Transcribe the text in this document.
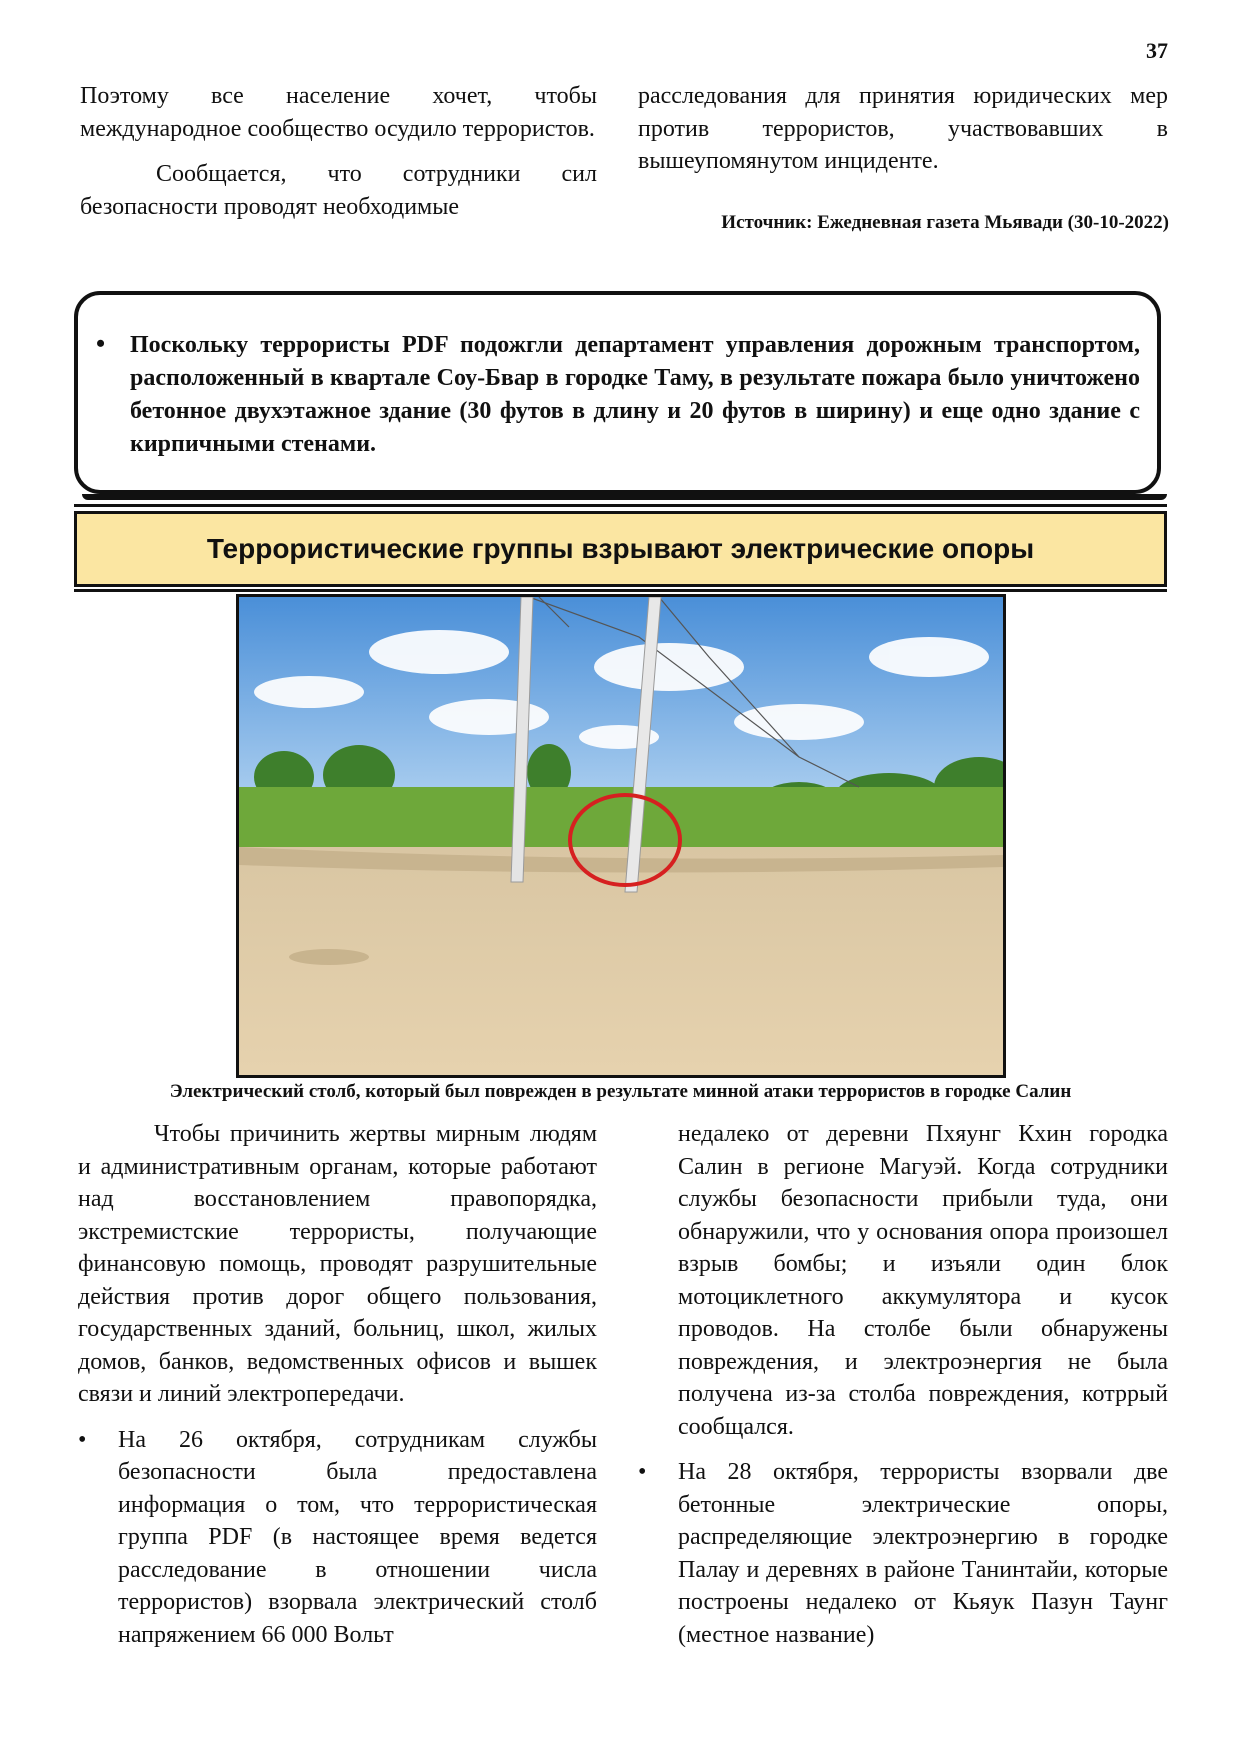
37

Поэтому все население хочет, чтобы международное сообщество осудило террористов.

Сообщается, что сотрудники сил безопасности проводят необходимые

расследования для принятия юридических мер против террористов, участвовавших в вышеупомянутом инциденте.

Источник: Ежедневная газета Мьявади (30-10-2022)
• Поскольку террористы PDF подожгли департамент управления дорожным транспортом, расположенный в квартале Соу-Бвар в городке Таму, в результате пожара было уничтожено бетонное двухэтажное здание (30 футов в длину и 20 футов в ширину) и еще одно здание с кирпичными стенами.
Террористические группы взрывают электрические опоры
Электрический столб, который был поврежден в результате минной атаки террористов в городке Салин

Чтобы причинить жертвы мирным людям и административным органам, которые работают над восстановлением правопорядка, экстремистские террористы, получающие финансовую помощь, проводят разрушительные действия против дорог общего пользования, государственных зданий, больниц, школ, жилых домов, банков, ведомственных офисов и вышек связи и линий электропередачи.

• На 26 октября, сотрудникам службы безопасности была предоставлена информация о том, что террористическая группа PDF (в настоящее время ведется расследование в отношении числа террористов) взорвала электрический столб напряжением 66 000 Вольт

недалеко от деревни Пхяунг Кхин городка Салин в регионе Магуэй. Когда сотрудники службы безопасности прибыли туда, они обнаружили, что у основания опора произошел взрыв бомбы; и изъяли один блок мотоциклетного аккумулятора и кусок проводов. На столбе были обнаружены повреждения, и электроэнергия не была получена из-за столба повреждения, котррый сообщался.

• На 28 октября, террористы взорвали две бетонные электрические опоры, распределяющие электроэнергию в городке Палау и деревнях в районе Танинтайи, которые построены недалеко от Кьяук Пазун Таунг (местное название)
